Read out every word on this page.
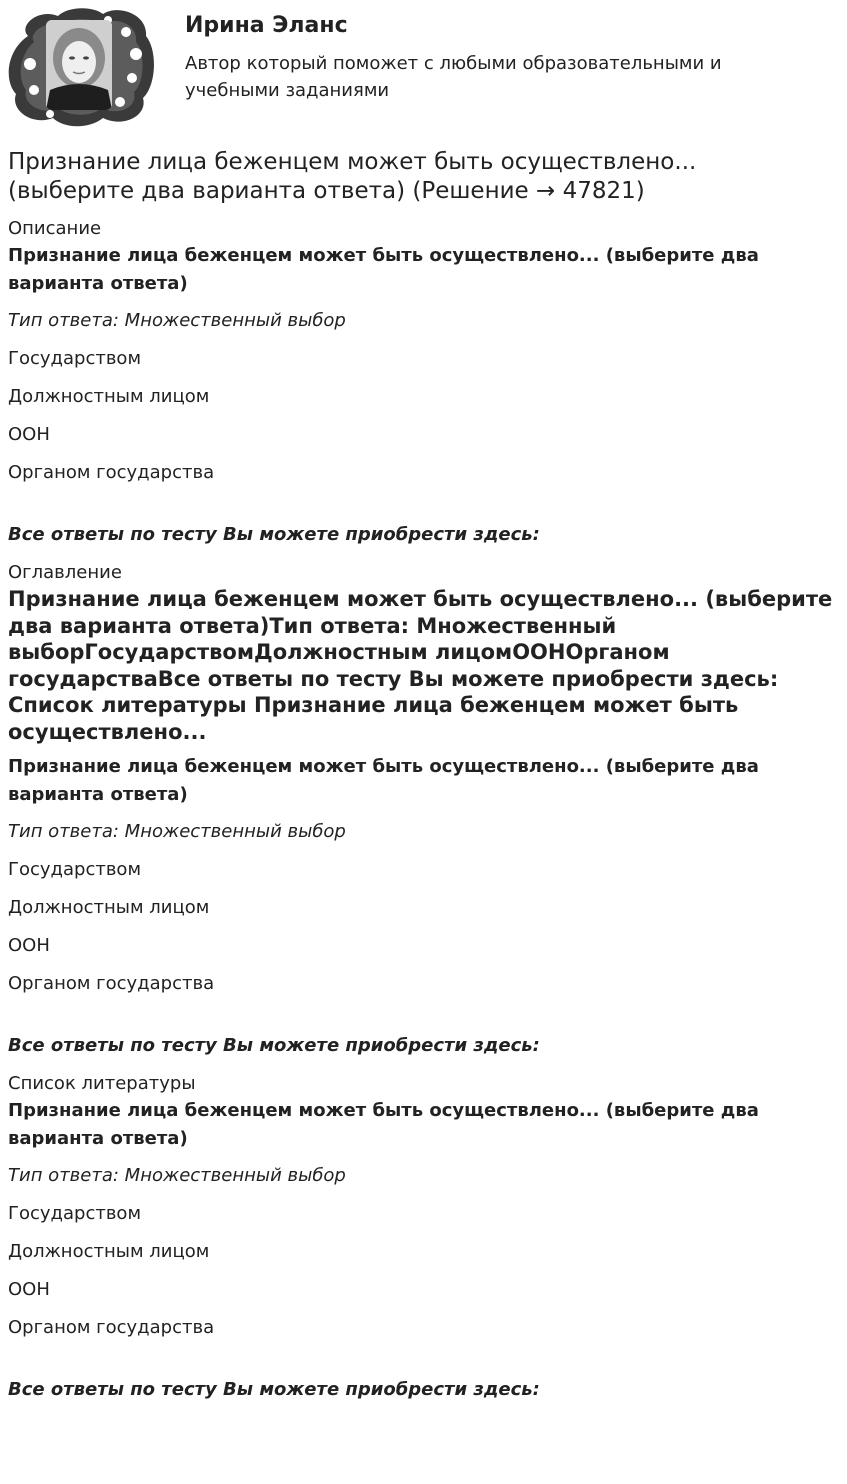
Ирина Эланс
Автор который поможет с любыми образовательными и учебными заданиями
Признание лица беженцем может быть осуществлено... (выберите два варианта ответа) (Решение → 47821)
Описание
Признание лица беженцем может быть осуществлено... (выберите два варианта ответа)
Тип ответа: Множественный выбор
Государством
Должностным лицом
ООН
Органом государства
Все ответы по тесту Вы можете приобрести здесь:
Оглавление
Признание лица беженцем может быть осуществлено... (выберите два варианта ответа)Тип ответа: Множественный выборГосударствомДолжностным лицомООНОрганом государстваВсе ответы по тесту Вы можете приобрести здесь: Список литературы Признание лица беженцем может быть осуществлено...
Признание лица беженцем может быть осуществлено... (выберите два варианта ответа)
Тип ответа: Множественный выбор
Государством
Должностным лицом
ООН
Органом государства
Все ответы по тесту Вы можете приобрести здесь:
Список литературы
Признание лица беженцем может быть осуществлено... (выберите два варианта ответа)
Тип ответа: Множественный выбор
Государством
Должностным лицом
ООН
Органом государства
Все ответы по тесту Вы можете приобрести здесь:
